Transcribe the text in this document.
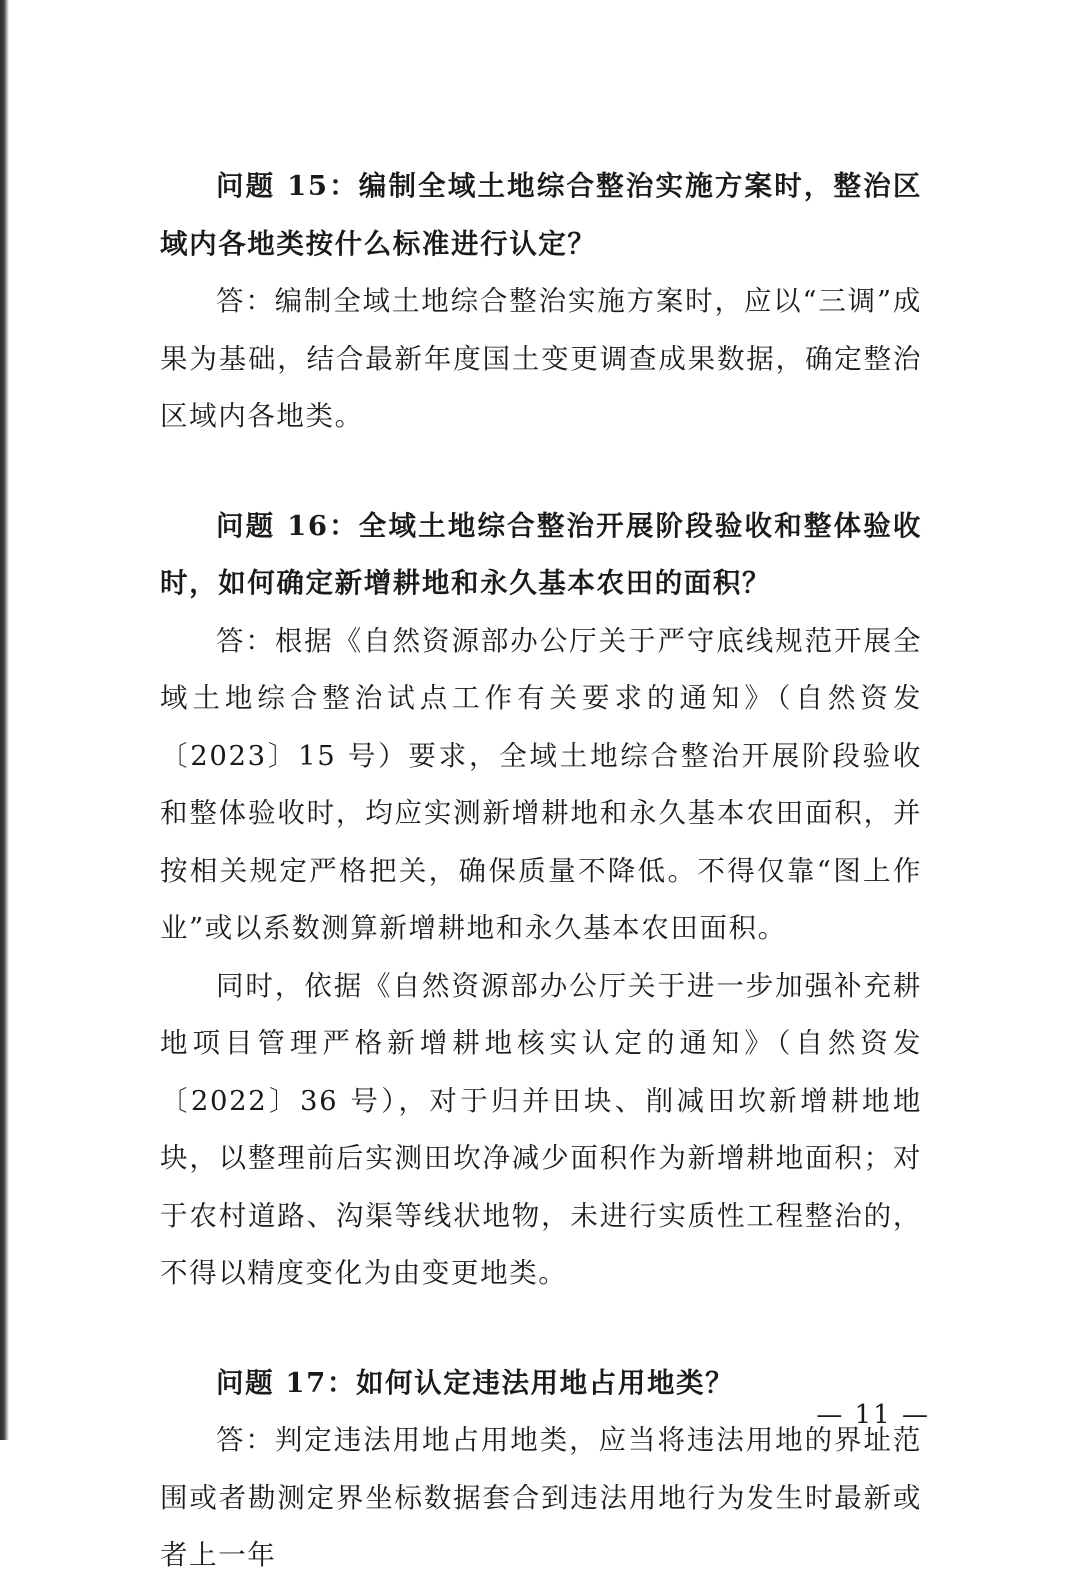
问题 15：编制全域土地综合整治实施方案时，整治区域内各地类按什么标准进行认定？

答：编制全域土地综合整治实施方案时，应以“三调”成果为基础，结合最新年度国土变更调查成果数据，确定整治区域内各地类。

问题 16：全域土地综合整治开展阶段验收和整体验收时，如何确定新增耕地和永久基本农田的面积？

答：根据《自然资源部办公厅关于严守底线规范开展全域土地综合整治试点工作有关要求的通知》（自然资发〔2023〕15 号）要求，全域土地综合整治开展阶段验收和整体验收时，均应实测新增耕地和永久基本农田面积，并按相关规定严格把关，确保质量不降低。不得仅靠“图上作业”或以系数测算新增耕地和永久基本农田面积。

同时，依据《自然资源部办公厅关于进一步加强补充耕地项目管理严格新增耕地核实认定的通知》（自然资发〔2022〕36 号），对于归并田块、削减田坎新增耕地地块，以整理前后实测田坎净减少面积作为新增耕地面积；对于农村道路、沟渠等线状地物，未进行实质性工程整治的，不得以精度变化为由变更地类。

问题 17：如何认定违法用地占用地类？

答：判定违法用地占用地类，应当将违法用地的界址范围或者勘测定界坐标数据套合到违法用地行为发生时最新或者上一年

— 11 —
